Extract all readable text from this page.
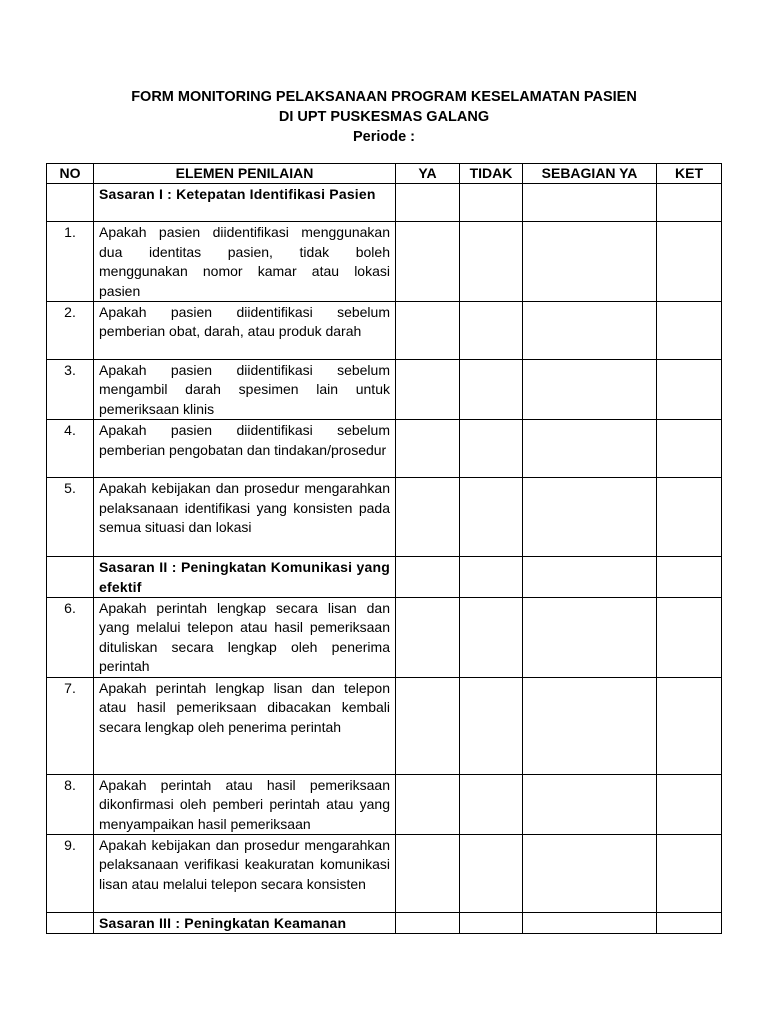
FORM MONITORING PELAKSANAAN PROGRAM KESELAMATAN PASIEN
DI UPT PUSKESMAS GALANG
Periode :
NO	ELEMEN PENILAIAN	YA	TIDAK	SEBAGIAN YA	KET
	Sasaran I : Ketepatan Identifikasi Pasien				
1.	Apakah pasien diidentifikasi menggunakan dua identitas pasien, tidak boleh menggunakan nomor kamar atau lokasi pasien				
2.	Apakah pasien diidentifikasi sebelum pemberian obat, darah, atau produk darah				
3.	Apakah pasien diidentifikasi sebelum mengambil darah spesimen lain untuk pemeriksaan klinis				
4.	Apakah pasien diidentifikasi sebelum pemberian pengobatan dan tindakan/prosedur				
5.	Apakah kebijakan dan prosedur mengarahkan pelaksanaan identifikasi yang konsisten pada semua situasi dan lokasi				
	Sasaran II : Peningkatan Komunikasi yang efektif				
6.	Apakah perintah lengkap secara lisan dan yang melalui telepon atau hasil pemeriksaan dituliskan secara lengkap oleh penerima perintah				
7.	Apakah perintah lengkap lisan dan telepon atau hasil pemeriksaan dibacakan kembali secara lengkap oleh penerima perintah				
8.	Apakah perintah atau hasil pemeriksaan dikonfirmasi oleh pemberi perintah atau yang menyampaikan hasil pemeriksaan				
9.	Apakah kebijakan dan prosedur mengarahkan pelaksanaan verifikasi keakuratan komunikasi lisan atau melalui telepon secara konsisten				
	Sasaran III : Peningkatan Keamanan				
